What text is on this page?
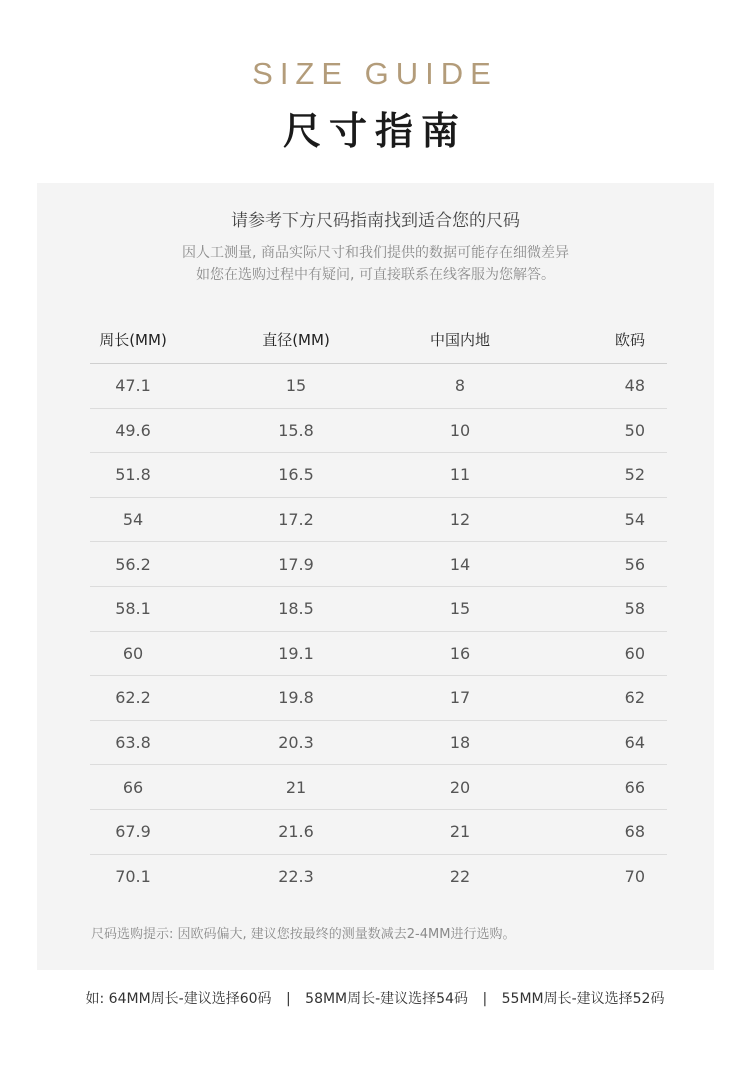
SIZE GUIDE
尺寸指南
请参考下方尺码指南找到适合您的尺码
因人工测量, 商品实际尺寸和我们提供的数据可能存在细微差异
如您在选购过程中有疑问, 可直接联系在线客服为您解答。
周长(MM)	直径(MM)	中国内地	欧码
47.1	15	8	48
49.6	15.8	10	50
51.8	16.5	11	52
54	17.2	12	54
56.2	17.9	14	56
58.1	18.5	15	58
60	19.1	16	60
62.2	19.8	17	62
63.8	20.3	18	64
66	21	20	66
67.9	21.6	21	68
70.1	22.3	22	70
尺码选购提示: 因欧码偏大, 建议您按最终的测量数减去2-4MM进行选购。
如: 64MM周长-建议选择60码 | 58MM周长-建议选择54码 | 55MM周长-建议选择52码
